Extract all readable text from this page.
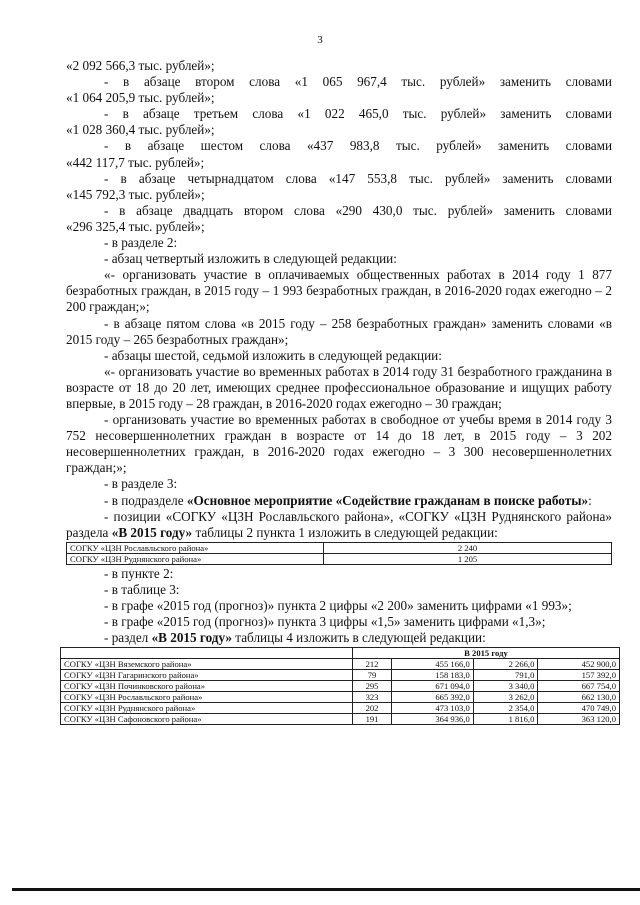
3

«2 092 566,3 тыс. рублей»;

- в абзаце втором слова «1 065 967,4 тыс. рублей» заменить словами

«1 064 205,9 тыс. рублей»;

- в абзаце третьем слова «1 022 465,0 тыс. рублей» заменить словами

«1 028 360,4 тыс. рублей»;

- в абзаце шестом слова «437 983,8 тыс. рублей» заменить словами

«442 117,7 тыс. рублей»;

- в абзаце четырнадцатом слова «147 553,8 тыс. рублей» заменить словами

«145 792,3 тыс. рублей»;

- в абзаце двадцать втором слова «290 430,0 тыс. рублей» заменить словами

«296 325,4 тыс. рублей»;

- в разделе 2:

- абзац четвертый изложить в следующей редакции:

«- организовать участие в оплачиваемых общественных работах в 2014 году 1 877 безработных граждан, в 2015 году – 1 993 безработных граждан, в 2016-2020 годах ежегодно – 2 200 граждан;»;

- в абзаце пятом слова «в 2015 году – 258 безработных граждан» заменить словами «в 2015 году – 265 безработных граждан»;

- абзацы шестой, седьмой изложить в следующей редакции:

«- организовать участие во временных работах в 2014 году 31 безработного гражданина в возрасте от 18 до 20 лет, имеющих среднее профессиональное образование и ищущих работу впервые, в 2015 году – 28 граждан, в 2016-2020 годах ежегодно – 30 граждан;

- организовать участие во временных работах в свободное от учебы время в 2014 году 3 752 несовершеннолетних граждан в возрасте от 14 до 18 лет, в 2015 году – 3 202 несовершеннолетних граждан, в 2016-2020 годах ежегодно – 3 300 несовершеннолетних граждан;»;

- в разделе 3:

- в подразделе «Основное мероприятие «Содействие гражданам в поиске работы»:

- позиции «СОГКУ «ЦЗН Рославльского района», «СОГКУ «ЦЗН Руднянского района» раздела «В 2015 году» таблицы 2 пункта 1 изложить в следующей редакции:

СОГКУ «ЦЗН Рославльского района»	2 240
СОГКУ «ЦЗН Руднянского района»	1 205

- в пункте 2:

- в таблице 3:

- в графе «2015 год (прогноз)» пункта 2 цифры «2 200» заменить цифрами «1 993»;

- в графе «2015 год (прогноз)» пункта 3 цифры «1,5» заменить цифрами «1,3»;

- раздел «В 2015 году» таблицы 4 изложить в следующей редакции:

	В 2015 году			
СОГКУ «ЦЗН Вяземского района»	212	455 166,0	2 266,0	452 900,0
СОГКУ «ЦЗН Гагаринского района»	79	158 183,0	791,0	157 392,0
СОГКУ «ЦЗН Починковского района»	295	671 094,0	3 340,0	667 754,0
СОГКУ «ЦЗН Рославльского района»	323	665 392,0	3 262,0	662 130,0
СОГКУ «ЦЗН Руднянского района»	202	473 103,0	2 354,0	470 749,0
СОГКУ «ЦЗН Сафоновского района»	191	364 936,0	1 816,0	363 120,0
